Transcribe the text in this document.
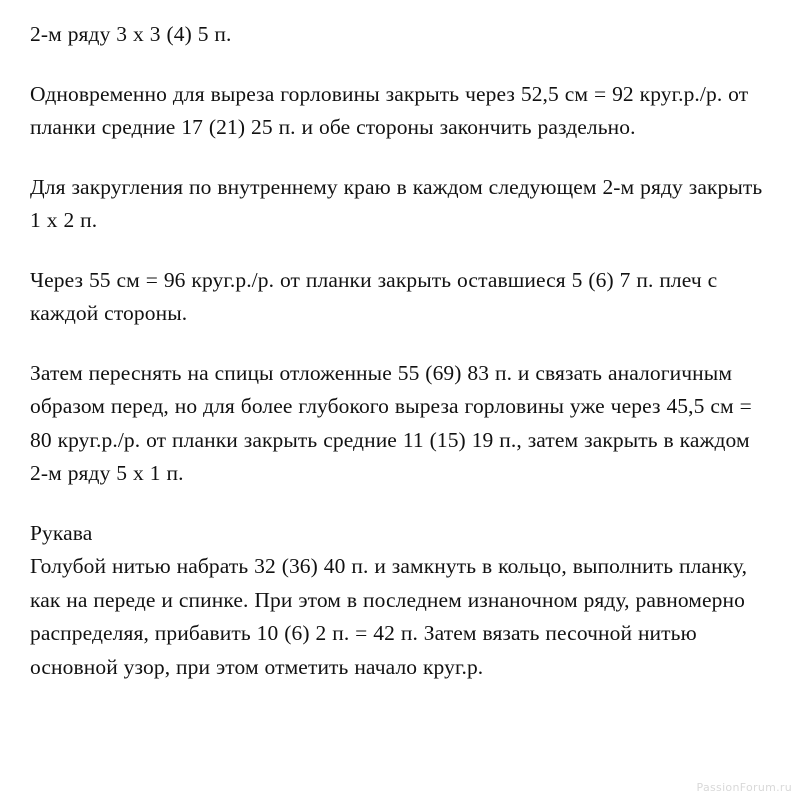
2-м ряду 3 x 3 (4) 5 п.

Одновременно для выреза горловины закрыть через 52,5 см = 92 круг.р./р. от планки средние 17 (21) 25 п. и обе стороны закончить раздельно.

Для закругления по внутреннему краю в каждом следующем 2-м ряду закрыть 1 x 2 п.

Через 55 см = 96 круг.р./р. от планки закрыть оставшиеся 5 (6) 7 п. плеч с каждой стороны.

Затем переснять на спицы отложенные 55 (69) 83 п. и связать аналогичным образом перед, но для более глубокого выреза горловины уже через 45,5 см = 80 круг.р./р. от планки закрыть средние 11 (15) 19 п., затем закрыть в каждом 2-м ряду 5 x 1 п.

Рукава

Голубой нитью набрать 32 (36) 40 п. и замкнуть в кольцо, выполнить планку, как на переде и спинке. При этом в последнем изнаночном ряду, равномерно распределяя, прибавить 10 (6) 2 п. = 42 п. Затем вязать песочной нитью основной узор, при этом отметить начало круг.р.

PassionForum.ru
